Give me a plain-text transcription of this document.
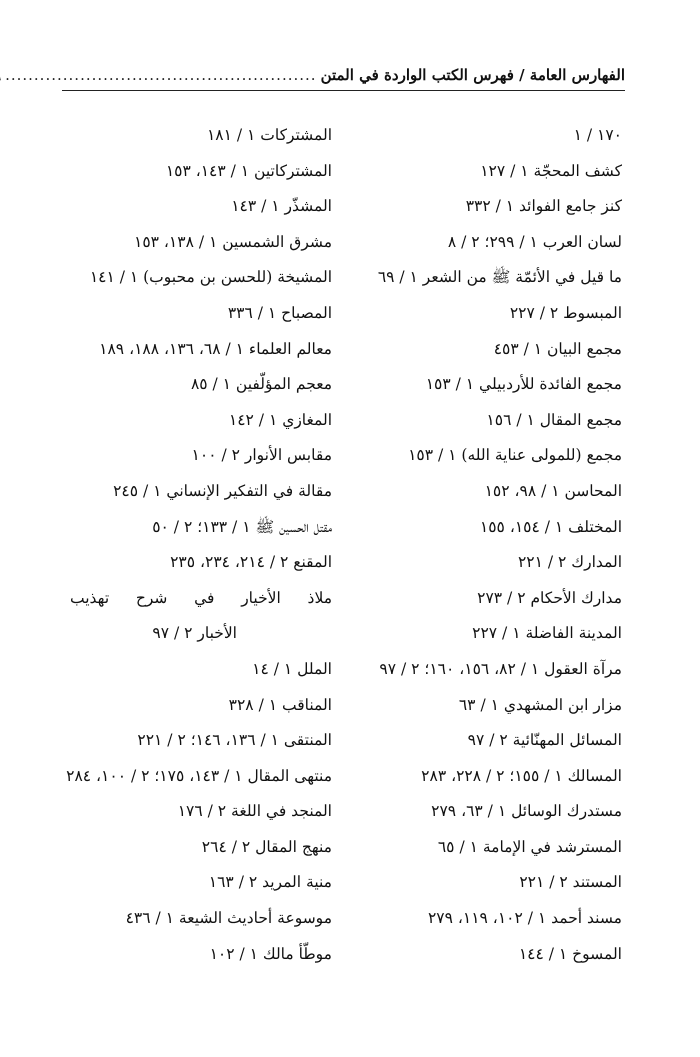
الفهارس العامة / فهرس الكتب الواردة في المتن
......................................................
١٧٠ / ١
كشف المحجّة ١ / ١٢٧
كنز جامع الفوائد ١ / ٣٣٢
لسان العرب ١ / ٢٩٩؛ ٢ / ٨
ما قيل في الأئمّة ﷺ من الشعر ١ / ٦٩
المبسوط ٢ / ٢٢٧
مجمع البيان ١ / ٤٥٣
مجمع الفائدة للأردبيلي ١ / ١٥٣
مجمع المقال ١ / ١٥٦
مجمع (للمولى عناية الله) ١ / ١٥٣
المحاسن ١ / ٩٨، ١٥٢
المختلف ١ / ١٥٤، ١٥٥
المدارك ٢ / ٢٢١
مدارك الأحكام ٢ / ٢٧٣
المدينة الفاضلة ١ / ٢٢٧
مرآة العقول ١ / ٨٢، ١٥٦، ١٦٠؛ ٢ / ٩٧
مزار ابن المشهدي ١ / ٦٣
المسائل المهنّائية ٢ / ٩٧
المسالك ١ / ١٥٥؛ ٢ / ٢٢٨، ٢٨٣
مستدرك الوسائل ١ / ٦٣، ٢٧٩
المسترشد في الإمامة ١ / ٦٥
المستند ٢ / ٢٢١
مسند أحمد ١ / ١٠٢، ١١٩، ٢٧٩
المسوخ ١ / ١٤٤
المشتركات ١ / ١٨١
المشتركاتين ١ / ١٤٣، ١٥٣
المشذّر ١ / ١٤٣
مشرق الشمسين ١ / ١٣٨، ١٥٣
المشيخة (للحسن بن محبوب) ١ / ١٤١
المصباح ١ / ٣٣٦
معالم العلماء ١ / ٦٨، ١٣٦، ١٨٨، ١٨٩
معجم المؤلّفين ١ / ٨٥
المغازي ١ / ١٤٢
مقابس الأنوار ٢ / ١٠٠
مقالة في التفكير الإنساني ١ / ٢٤٥
مقتل الحسين ﷺ ١ / ١٣٣؛ ٢ / ٥٠
المقنع ٢ / ٢١٤، ٢٣٤، ٢٣٥
ملاذ الأخيار في شرح تهذيب
الأخبار ٢ / ٩٧
الملل ١ / ١٤
المناقب ١ / ٣٢٨
المنتقى ١ / ١٣٦، ١٤٦؛ ٢ / ٢٢١
منتهى المقال ١ / ١٤٣، ١٧٥؛ ٢ / ١٠٠، ٢٨٤
المنجد في اللغة ٢ / ١٧٦
منهج المقال ٢ / ٢٦٤
منية المريد ٢ / ١٦٣
موسوعة أحاديث الشيعة ١ / ٤٣٦
موطّأ مالك ١ / ١٠٢
